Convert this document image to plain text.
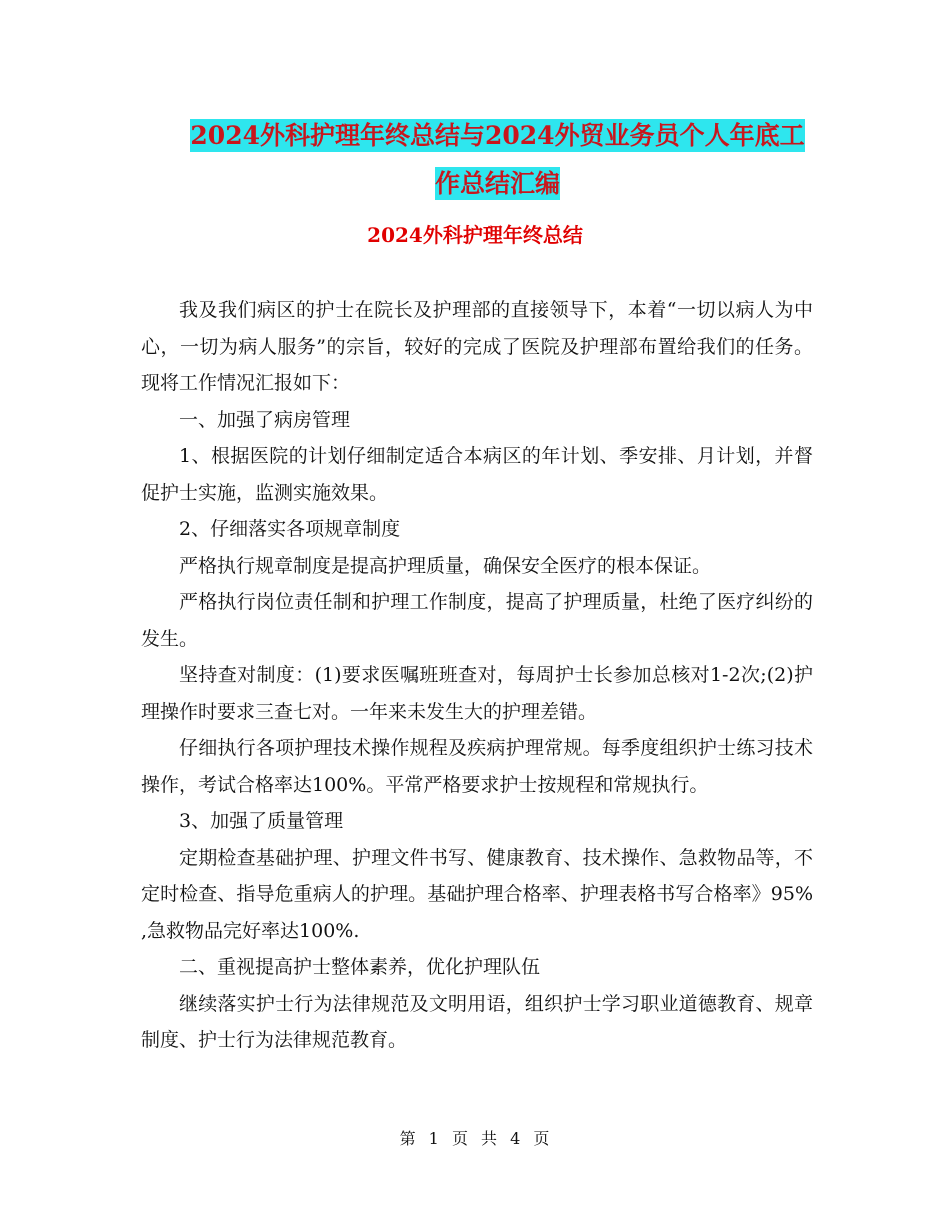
2024外科护理年终总结与2024外贸业务员个人年底工
作总结汇编
2024外科护理年终总结

我及我们病区的护士在院长及护理部的直接领导下，本着“一切以病人为中心，一切为病人服务”的宗旨，较好的完成了医院及护理部布置给我们的任务。现将工作情况汇报如下：

一、加强了病房管理

1、根据医院的计划仔细制定适合本病区的年计划、季安排、月计划，并督促护士实施，监测实施效果。

2、仔细落实各项规章制度

严格执行规章制度是提高护理质量，确保安全医疗的根本保证。

严格执行岗位责任制和护理工作制度，提高了护理质量，杜绝了医疗纠纷的发生。

坚持查对制度：(1)要求医嘱班班查对，每周护士长参加总核对1-2次;(2)护理操作时要求三查七对。一年来未发生大的护理差错。

仔细执行各项护理技术操作规程及疾病护理常规。每季度组织护士练习技术操作，考试合格率达100%。平常严格要求护士按规程和常规执行。

3、加强了质量管理

定期检查基础护理、护理文件书写、健康教育、技术操作、急救物品等，不定时检查、指导危重病人的护理。基础护理合格率、护理表格书写合格率》95% ,急救物品完好率达100%.

二、重视提高护士整体素养，优化护理队伍

继续落实护士行为法律规范及文明用语，组织护士学习职业道德教育、规章制度、护士行为法律规范教育。

第 1 页 共 4 页
